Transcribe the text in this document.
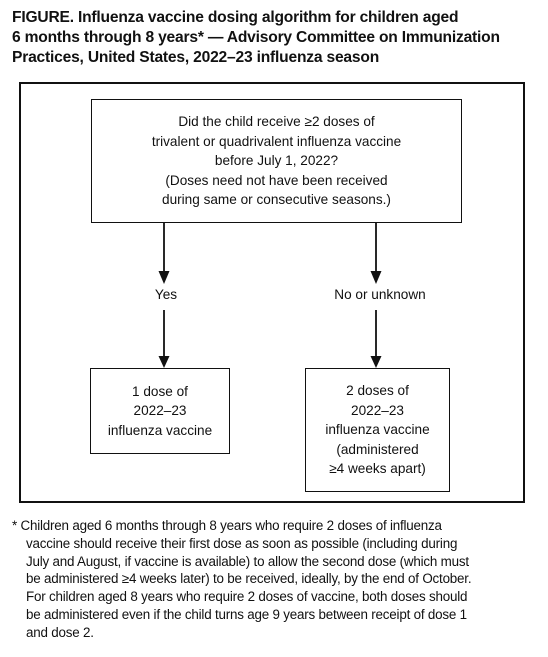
FIGURE. Influenza vaccine dosing algorithm for children aged
6 months through 8 years* — Advisory Committee on Immunization
Practices, United States, 2022–23 influenza season
Did the child receive ≥2 doses of
trivalent or quadrivalent influenza vaccine
before July 1, 2022?
(Doses need not have been received
during same or consecutive seasons.)
Yes	No or unknown
1 dose of
2022–23
influenza vaccine
2 doses of
2022–23
influenza vaccine
(administered
≥4 weeks apart)
* Children aged 6 months through 8 years who require 2 doses of influenza
vaccine should receive their first dose as soon as possible (including during
July and August, if vaccine is available) to allow the second dose (which must
be administered ≥4 weeks later) to be received, ideally, by the end of October.
For children aged 8 years who require 2 doses of vaccine, both doses should
be administered even if the child turns age 9 years between receipt of dose 1
and dose 2.
